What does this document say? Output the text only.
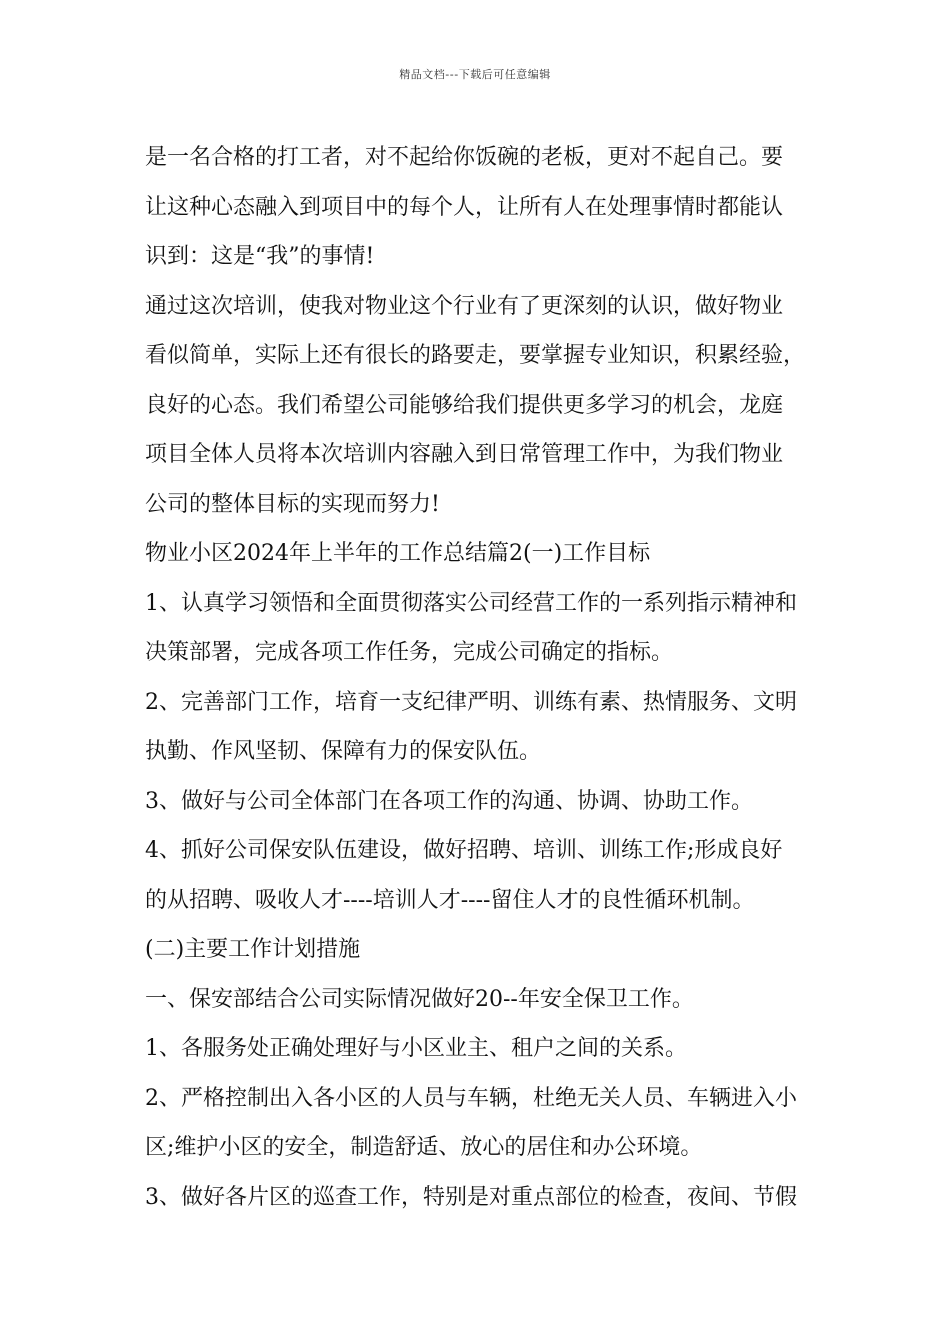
精品文档---下载后可任意编辑
是一名合格的打工者，对不起给你饭碗的老板，更对不起自己。要
让这种心态融入到项目中的每个人，让所有人在处理事情时都能认
识到：这是“我”的事情!
通过这次培训，使我对物业这个行业有了更深刻的认识，做好物业
看似简单，实际上还有很长的路要走，要掌握专业知识，积累经验，
良好的心态。我们希望公司能够给我们提供更多学习的机会，龙庭
项目全体人员将本次培训内容融入到日常管理工作中，为我们物业
公司的整体目标的实现而努力!
物业小区2024年上半年的工作总结篇2(一)工作目标
1、认真学习领悟和全面贯彻落实公司经营工作的一系列指示精神和
决策部署，完成各项工作任务，完成公司确定的指标。
2、完善部门工作，培育一支纪律严明、训练有素、热情服务、文明
执勤、作风坚韧、保障有力的保安队伍。
3、做好与公司全体部门在各项工作的沟通、协调、协助工作。
4、抓好公司保安队伍建设，做好招聘、培训、训练工作;形成良好
的从招聘、吸收人才----培训人才----留住人才的良性循环机制。
(二)主要工作计划措施
一、保安部结合公司实际情况做好20--年安全保卫工作。
1、各服务处正确处理好与小区业主、租户之间的关系。
2、严格控制出入各小区的人员与车辆，杜绝无关人员、车辆进入小
区;维护小区的安全，制造舒适、放心的居住和办公环境。
3、做好各片区的巡查工作，特别是对重点部位的检查，夜间、节假
